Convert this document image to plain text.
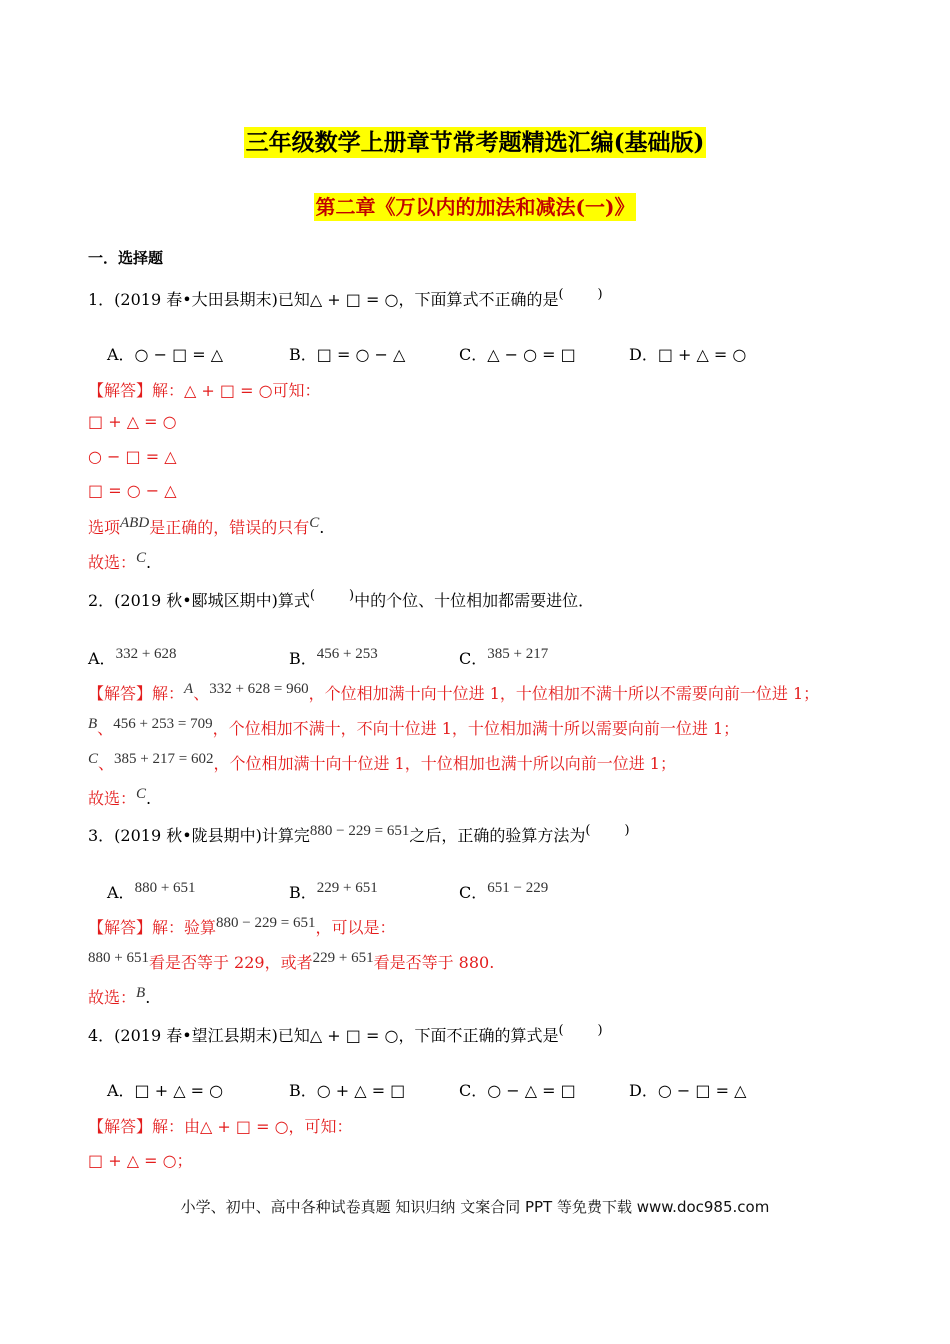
三年级数学上册章节常考题精选汇编(基础版)
第二章《万以内的加法和减法(一)》
一．选择题
1．(2019 春•大田县期末)已知△ + □ = ○，下面算式不正确的是(	)
A．○ − □ = △	B．□ = ○ − △	C．△ − ○ = □	D．□ + △ = ○
【解答】解：△ + □ = ○可知：
□ + △ = ○
○ − □ = △
□ = ○ − △
选项ABD是正确的，错误的只有C.
故选：C.
2．(2019 秋•郾城区期中)算式(	)中的个位、十位相加都需要进位．
A．332 + 628	B．456 + 253	C．385 + 217
【解答】解：A、332 + 628 = 960，个位相加满十向十位进 1，十位相加不满十所以不需要向前一位进 1；
B、456 + 253 = 709，个位相加不满十，不向十位进 1，十位相加满十所以需要向前一位进 1；
C、385 + 217 = 602，个位相加满十向十位进 1，十位相加也满十所以向前一位进 1；
故选：C.
3．(2019 秋•陇县期中)计算完880 − 229 = 651之后，正确的验算方法为(	)
A．880 + 651	B．229 + 651	C．651 − 229
【解答】解：验算880 − 229 = 651，可以是：
880 + 651看是否等于 229，或者229 + 651看是否等于 880.
故选：B.
4．(2019 春•望江县期末)已知△ + □ = ○，下面不正确的算式是(	)
A．□ + △ = ○	B．○ + △ = □	C．○ − △ = □	D．○ − □ = △
【解答】解：由△ + □ = ○，可知：
□ + △ = ○；
小学、初中、高中各种试卷真题 知识归纳 文案合同 PPT 等免费下载 www.doc985.com
